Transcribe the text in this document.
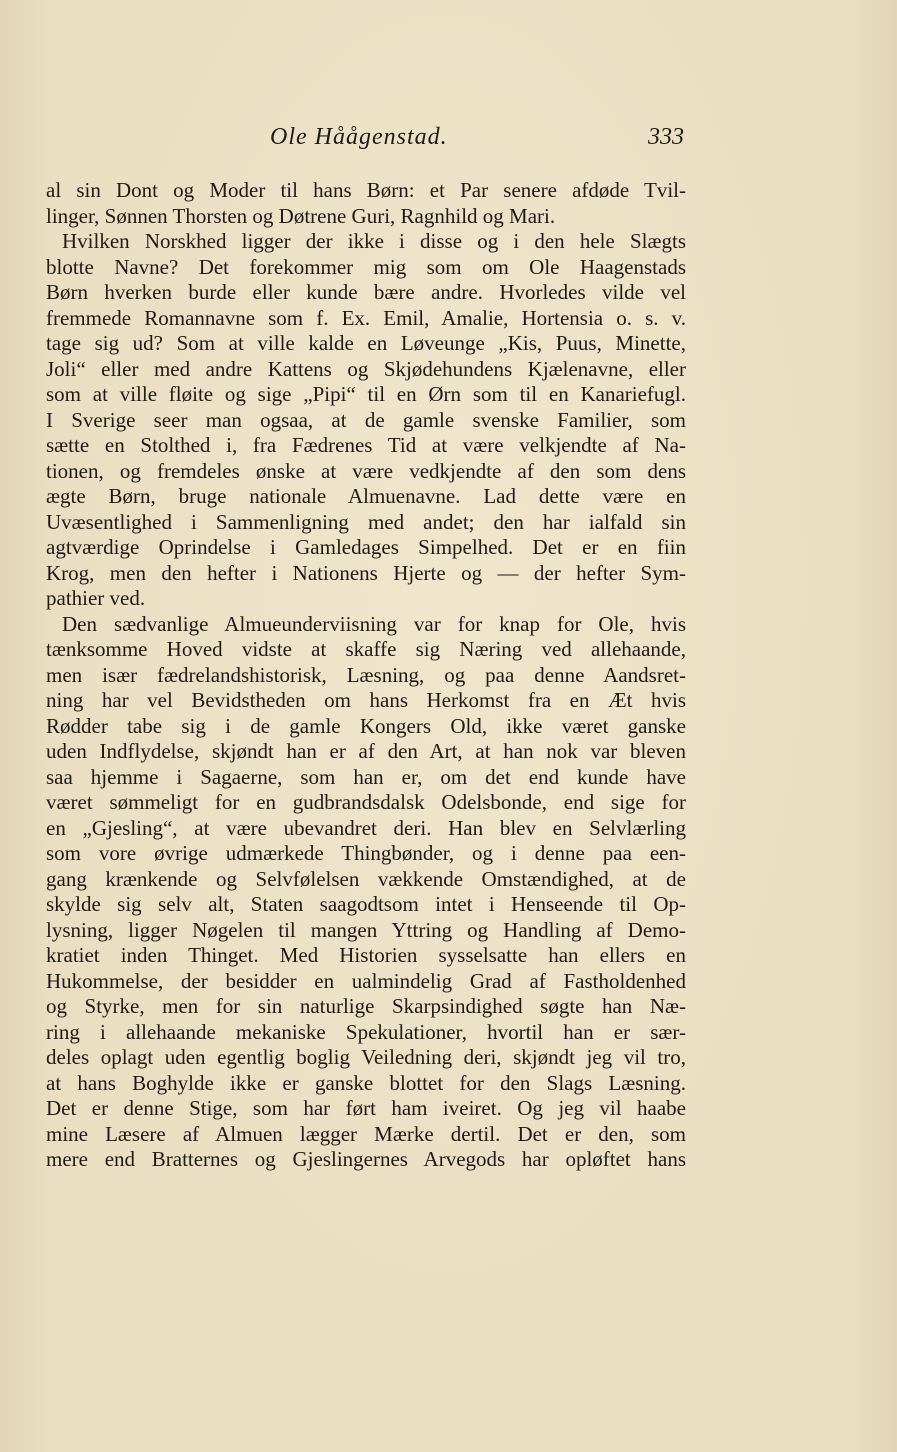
Ole Håågenstad.	333
al sin Dont og Moder til hans Børn: et Par senere afdøde Tvil-
linger, Sønnen Thorsten og Døtrene Guri, Ragnhild og Mari.
Hvilken Norskhed ligger der ikke i disse og i den hele Slægts
blotte Navne? Det forekommer mig som om Ole Haagenstads
Børn hverken burde eller kunde bære andre. Hvorledes vilde vel
fremmede Romannavne som f. Ex. Emil, Amalie, Hortensia o. s. v.
tage sig ud? Som at ville kalde en Løveunge „Kis, Puus, Minette,
Joli“ eller med andre Kattens og Skjødehundens Kjælenavne, eller
som at ville fløite og sige „Pipi“ til en Ørn som til en Kanariefugl.
I Sverige seer man ogsaa, at de gamle svenske Familier, som
sætte en Stolthed i, fra Fædrenes Tid at være velkjendte af Na-
tionen, og fremdeles ønske at være vedkjendte af den som dens
ægte Børn, bruge nationale Almuenavne. Lad dette være en
Uvæsentlighed i Sammenligning med andet; den har ialfald sin
agtværdige Oprindelse i Gamledages Simpelhed. Det er en fiin
Krog, men den hefter i Nationens Hjerte og — der hefter Sym-
pathier ved.
Den sædvanlige Almueunderviisning var for knap for Ole, hvis
tænksomme Hoved vidste at skaffe sig Næring ved allehaande,
men især fædrelandshistorisk, Læsning, og paa denne Aandsret-
ning har vel Bevidstheden om hans Herkomst fra en Æt hvis
Rødder tabe sig i de gamle Kongers Old, ikke været ganske
uden Indflydelse, skjøndt han er af den Art, at han nok var bleven
saa hjemme i Sagaerne, som han er, om det end kunde have
været sømmeligt for en gudbrandsdalsk Odelsbonde, end sige for
en „Gjesling“, at være ubevandret deri. Han blev en Selvlærling
som vore øvrige udmærkede Thingbønder, og i denne paa een-
gang krænkende og Selvfølelsen vækkende Omstændighed, at de
skylde sig selv alt, Staten saagodtsom intet i Henseende til Op-
lysning, ligger Nøgelen til mangen Yttring og Handling af Demo-
kratiet inden Thinget. Med Historien sysselsatte han ellers en
Hukommelse, der besidder en ualmindelig Grad af Fastholdenhed
og Styrke, men for sin naturlige Skarpsindighed søgte han Næ-
ring i allehaande mekaniske Spekulationer, hvortil han er sær-
deles oplagt uden egentlig boglig Veiledning deri, skjøndt jeg vil tro,
at hans Boghylde ikke er ganske blottet for den Slags Læsning.
Det er denne Stige, som har ført ham iveiret. Og jeg vil haabe
mine Læsere af Almuen lægger Mærke dertil. Det er den, som
mere end Bratternes og Gjeslingernes Arvegods har opløftet hans
